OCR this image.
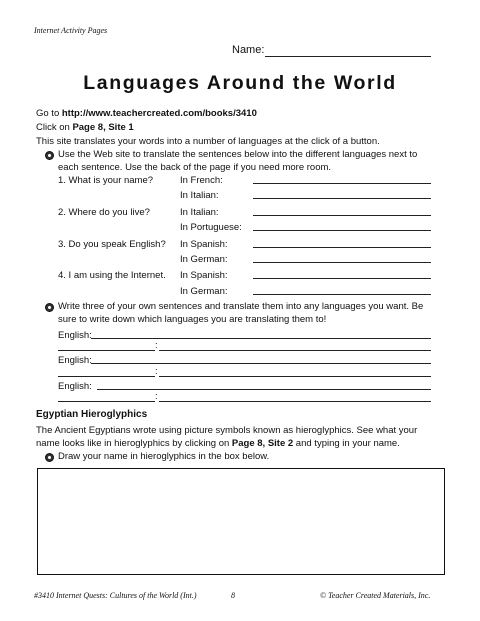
Internet Activity Pages
Name:
Languages Around the World
Go to http://www.teachercreated.com/books/3410
Click on Page 8, Site 1
This site translates your words into a number of languages at the click of a button.
Use the Web site to translate the sentences below into the different languages next to
each sentence. Use the back of the page if you need more room.
1. What is your name?	In French:
In Italian:
2. Where do you live?	In Italian:
In Portuguese:
3. Do you speak English? In Spanish:
In German:
4. I am using the Internet. In Spanish:
In German:
Write three of your own sentences and translate them into any languages you want. Be
sure to write down which languages you are translating them to!
English:
:
English:
:
English:
:
Egyptian Hieroglyphics
The Ancient Egyptians wrote using picture symbols known as hieroglyphics. See what your
name looks like in hieroglyphics by clicking on Page 8, Site 2 and typing in your name.
Draw your name in hieroglyphics in the box below.
#3410 Internet Quests: Cultures of the World (Int.)	8	© Teacher Created Materials, Inc.
